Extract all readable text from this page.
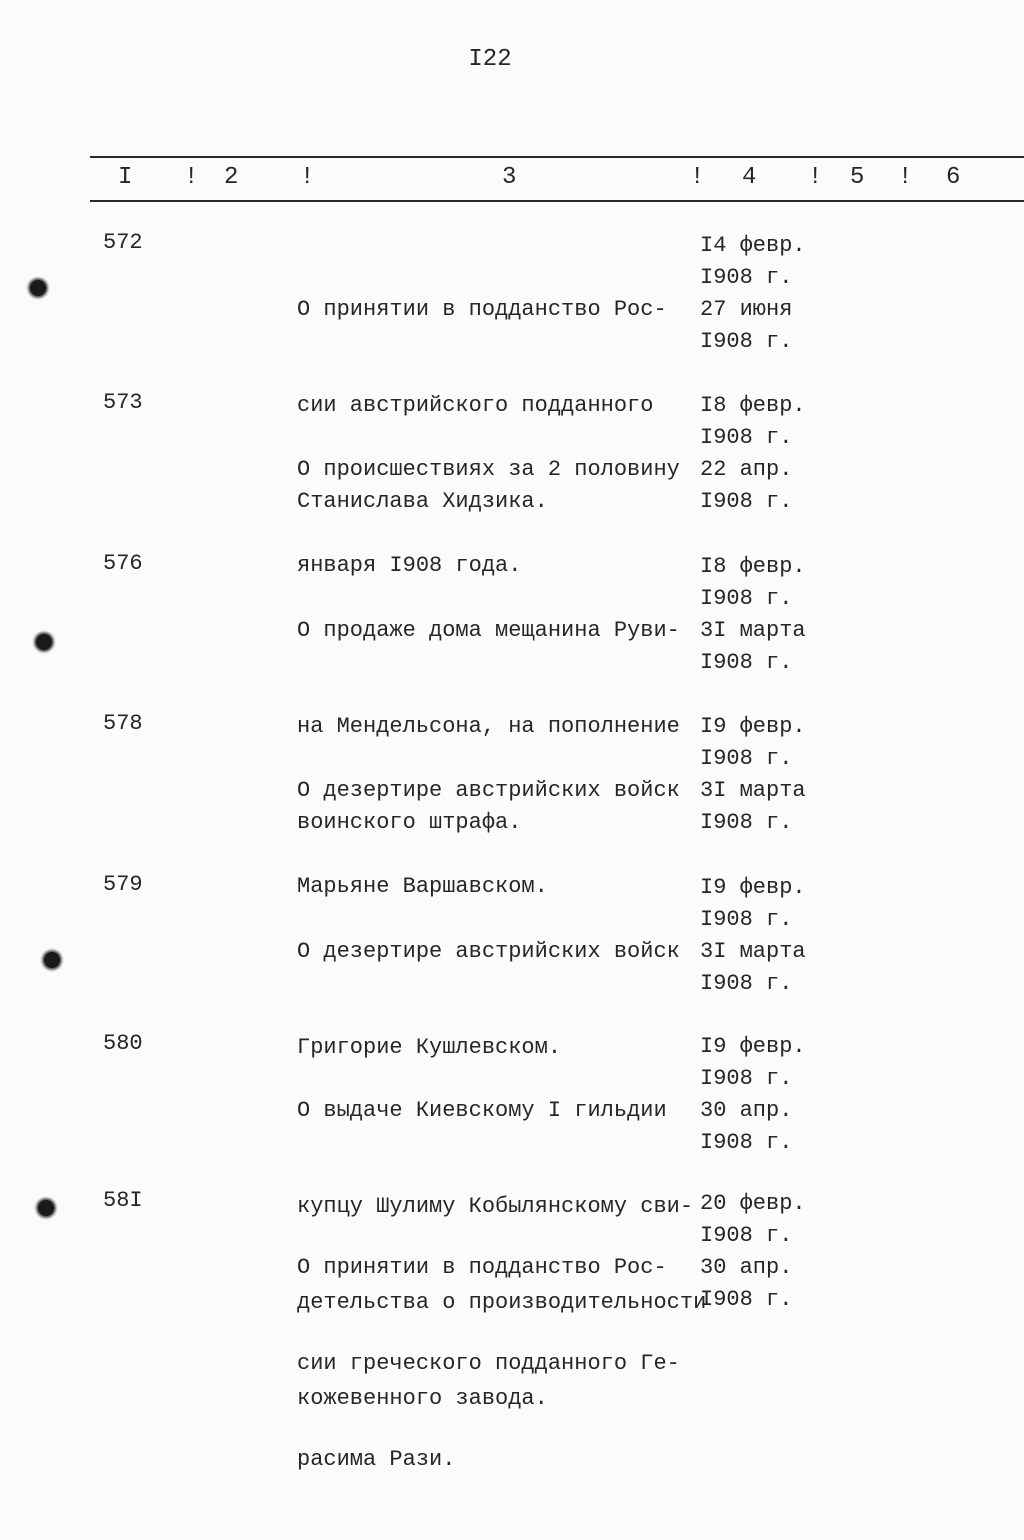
I22
I ! 2	!	3	! 4 ! 5 ! 6
572

О принятии в подданство Рос-

сии австрийского подданного

Станислава Хидзика.

I4 февр.
I908 г.
27 июня
I908 г.
573

О происшествиях за 2 половину

января I908 года.

I8 февр.
I908 г.
22 апр.
I908 г.
576

О продаже дома мещанина Руви-

на Мендельсона, на пополнение

воинского штрафа.

I8 февр.
I908 г.
3I марта
I908 г.
578

О дезертире австрийских войск

Марьяне Варшавском.

I9 февр.
I908 г.
3I марта
I908 г.
579

О дезертире австрийских войск

Григорие Кушлевском.

I9 февр.
I908 г.
3I марта
I908 г.
580

О выдаче Киевскому I гильдии

купцу Шулиму Кобылянскому сви-

детельства о производительности

кожевенного завода.

I9 февр.
I908 г.
30 апр.
I908 г.
58I

О принятии в подданство Рос-

сии греческого подданного Ге-

расима Рази.

20 февр.
I908 г.
30 апр.
I908 г.
